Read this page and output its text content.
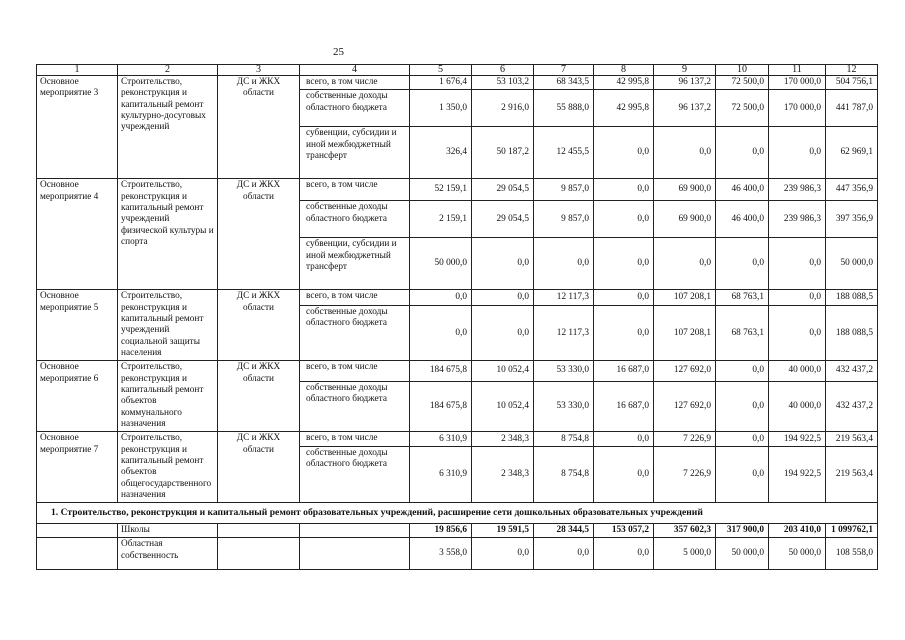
25
1	2	3	4	5	6	7	8	9	10	11	12
Основное мероприятие 3	Строительство, реконструкция и капитальный ремонт культурно-досуговых учреждений	ДС и ЖКХ области	всего, в том числе	1 676,4	53 103,2	68 343,5	42 995,8	96 137,2	72 500,0	170 000,0	504 756,1
			собственные доходы областного бюджета	1 350,0	2 916,0	55 888,0	42 995,8	96 137,2	72 500,0	170 000,0	441 787,0
			субвенции, субсидии и иной межбюджетный трансферт	326,4	50 187,2	12 455,5	0,0	0,0	0,0	0,0	62 969,1
Основное мероприятие 4	Строительство, реконструкция и капитальный ремонт учреждений физической культуры и спорта	ДС и ЖКХ области	всего, в том числе	52 159,1	29 054,5	9 857,0	0,0	69 900,0	46 400,0	239 986,3	447 356,9
			собственные доходы областного бюджета	2 159,1	29 054,5	9 857,0	0,0	69 900,0	46 400,0	239 986,3	397 356,9
			субвенции, субсидии и иной межбюджетный трансферт	50 000,0	0,0	0,0	0,0	0,0	0,0	0,0	50 000,0
Основное мероприятие 5	Строительство, реконструкция и капитальный ремонт учреждений социальной защиты населения	ДС и ЖКХ области	всего, в том числе	0,0	0,0	12 117,3	0,0	107 208,1	68 763,1	0,0	188 088,5
			собственные доходы областного бюджета	0,0	0,0	12 117,3	0,0	107 208,1	68 763,1	0,0	188 088,5
Основное мероприятие 6	Строительство, реконструкция и капитальный ремонт объектов коммунального назначения	ДС и ЖКХ области	всего, в том числе	184 675,8	10 052,4	53 330,0	16 687,0	127 692,0	0,0	40 000,0	432 437,2
			собственные доходы областного бюджета	184 675,8	10 052,4	53 330,0	16 687,0	127 692,0	0,0	40 000,0	432 437,2
Основное мероприятие 7	Строительство, реконструкция и капитальный ремонт объектов общегосударственного назначения	ДС и ЖКХ области	всего, в том числе	6 310,9	2 348,3	8 754,8	0,0	7 226,9	0,0	194 922,5	219 563,4
			собственные доходы областного бюджета	6 310,9	2 348,3	8 754,8	0,0	7 226,9	0,0	194 922,5	219 563,4
1. Строительство, реконструкция и капитальный ремонт образовательных учреждений, расширение сети дошкольных образовательных учреждений											
	Школы			19 856,6	19 591,5	28 344,5	153 057,2	357 602,3	317 900,0	203 410,0	1 099762,1
	Областная собственность			3 558,0	0,0	0,0	0,0	5 000,0	50 000,0	50 000,0	108 558,0
